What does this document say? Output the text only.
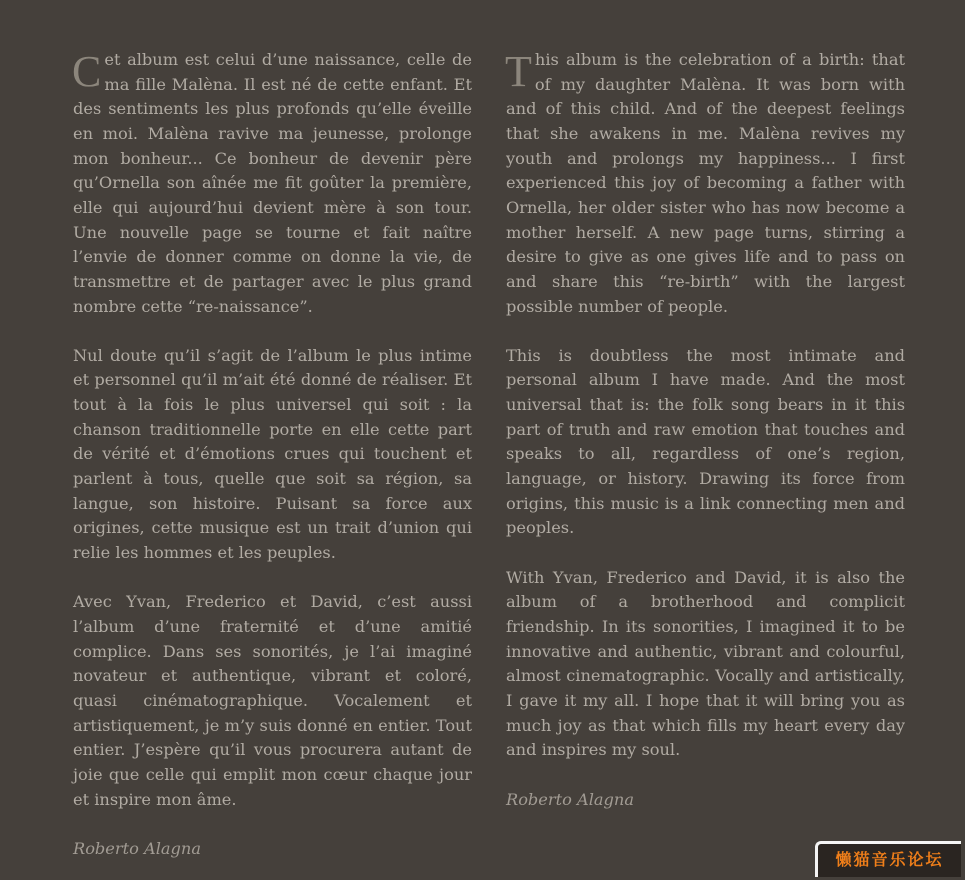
Cet album est celui d’une naissance, celle de ma fille Malèna. Il est né de cette enfant. Et des sentiments les plus profonds qu’elle éveille en moi. Malèna ravive ma jeunesse, prolonge mon bonheur... Ce bonheur de devenir père qu’Ornella son aînée me fit goûter la première, elle qui aujourd’hui devient mère à son tour. Une nouvelle page se tourne et fait naître l’envie de donner comme on donne la vie, de transmettre et de partager avec le plus grand nombre cette “re-naissance”.

Nul doute qu’il s’agit de l’album le plus intime et personnel qu’il m’ait été donné de réaliser. Et tout à la fois le plus universel qui soit : la chanson traditionnelle porte en elle cette part de vérité et d’émotions crues qui touchent et parlent à tous, quelle que soit sa région, sa langue, son histoire. Puisant sa force aux origines, cette musique est un trait d’union qui relie les hommes et les peuples.

Avec Yvan, Frederico et David, c’est aussi l’album d’une fraternité et d’une amitié complice. Dans ses sonorités, je l’ai imaginé novateur et authentique, vibrant et coloré, quasi cinématographique. Vocalement et artistiquement, je m’y suis donné en entier. Tout entier. J’espère qu’il vous procurera autant de joie que celle qui emplit mon cœur chaque jour et inspire mon âme.

Roberto Alagna

This album is the celebration of a birth: that of my daughter Malèna. It was born with and of this child. And of the deepest feelings that she awakens in me. Malèna revives my youth and prolongs my happiness... I first experienced this joy of becoming a father with Ornella, her older sister who has now become a mother herself. A new page turns, stirring a desire to give as one gives life and to pass on and share this “re-birth” with the largest possible number of people.

This is doubtless the most intimate and personal album I have made. And the most universal that is: the folk song bears in it this part of truth and raw emotion that touches and speaks to all, regardless of one’s region, language, or history. Drawing its force from origins, this music is a link connecting men and peoples.

With Yvan, Frederico and David, it is also the album of a brotherhood and complicit friendship. In its sonorities, I imagined it to be innovative and authentic, vibrant and colourful, almost cinematographic. Vocally and artistically, I gave it my all. I hope that it will bring you as much joy as that which fills my heart every day and inspires my soul.

Roberto Alagna

懒猫音乐论坛
